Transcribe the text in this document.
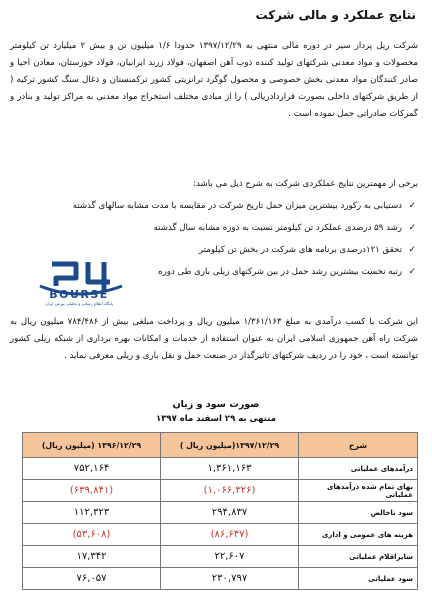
نتایج عملکرد و مالی شرکت
شرکت ریل پرداز سیر در دوره مالی منتهی به ۱۳۹۷/۱۲/۲۹ حدودا ۱/۶ میلیون تن و بیش ۲ میلیارد تن کیلومتر محصولات و مواد معدنی شرکتهای تولید کننده ذوب آهن اصفهان، فولاد زرند ایرانیان، فولاد خوزستان، معادن احیا و صادر کنندگان مواد معدنی بخش خصوصی و محصول گوگرد ترانزیتی کشور ترکمنستان و ذغال سنگ کشور ترکیه ( از طریق شرکتهای داخلی بصورت قراردادریالی ) را از مبادی مختلف استخراج مواد معدنی به مراکز تولید و بنادر و گمرکات صادراتی حمل نموده است .
برخی از مهمترین نتایج عملکردی شرکت به شرح ذیل می باشد:
✓
دستیابی به رکورد بیشترین میزان حمل تاریخ شرکت در مقایسه با مدت مشابه سالهای گذشته
✓
رشد ۵۹ درصدی عملکرد تن کیلومتر نسبت به دوره مشابه سال گذشته
✓
تحقق ۱۲۱درصدی برنامه های شرکت در بخش تن کیلومتر
✓
رتبه نخست بیشترین رشد حمل در بین شرکتهای ریلی باری طی دوره
BOURSE
پایگاه اطلاع رسانی و تحلیلی بورس ایران
این شرکت با کسب درآمدی به مبلغ ۱/۳۶۱/۱۶۳ میلیون ریال و پرداخت مبلغی بیش از ۷۸۴/۴۸۶ میلیون ریال به شرکت راه آهن جمهوری اسلامی ایران به عنوان استفاده از خدمات و امکانات بهره برداری از شبکه ریلی کشور توانسته است ، خود را در ردیف شرکتهای تاثیرگذار در صنعت حمل و نقل باری و ریلی معرفی نماید .
صورت سود و زیان
منتهی به ۲۹ اسفند ماه ۱۳۹۷
شرح	۱۳۹۷/۱۲/۲۹(میلیون ریال )	۱۳۹۶/۱۲/۲۹ (میلیون ریال)
درآمدهای عملیاتی	۱,۳۶۱,۱۶۳	۷۵۲,۱۶۴
بهای تمام شده درآمدهای عملیاتی	(۱,۰۶۶,۳۲۶)	(۶۳۹,۸۴۱)
سود ناخالص	۲۹۴,۸۳۷	۱۱۲,۳۲۳
هزینه های عمومی و اداری	(۸۶,۶۴۷)	(۵۳,۶۰۸)
سایراقلام عملیاتی	۲۲,۶۰۷	۱۷,۳۴۲
سود عملیاتی	۲۳۰,۷۹۷	۷۶,۰۵۷
